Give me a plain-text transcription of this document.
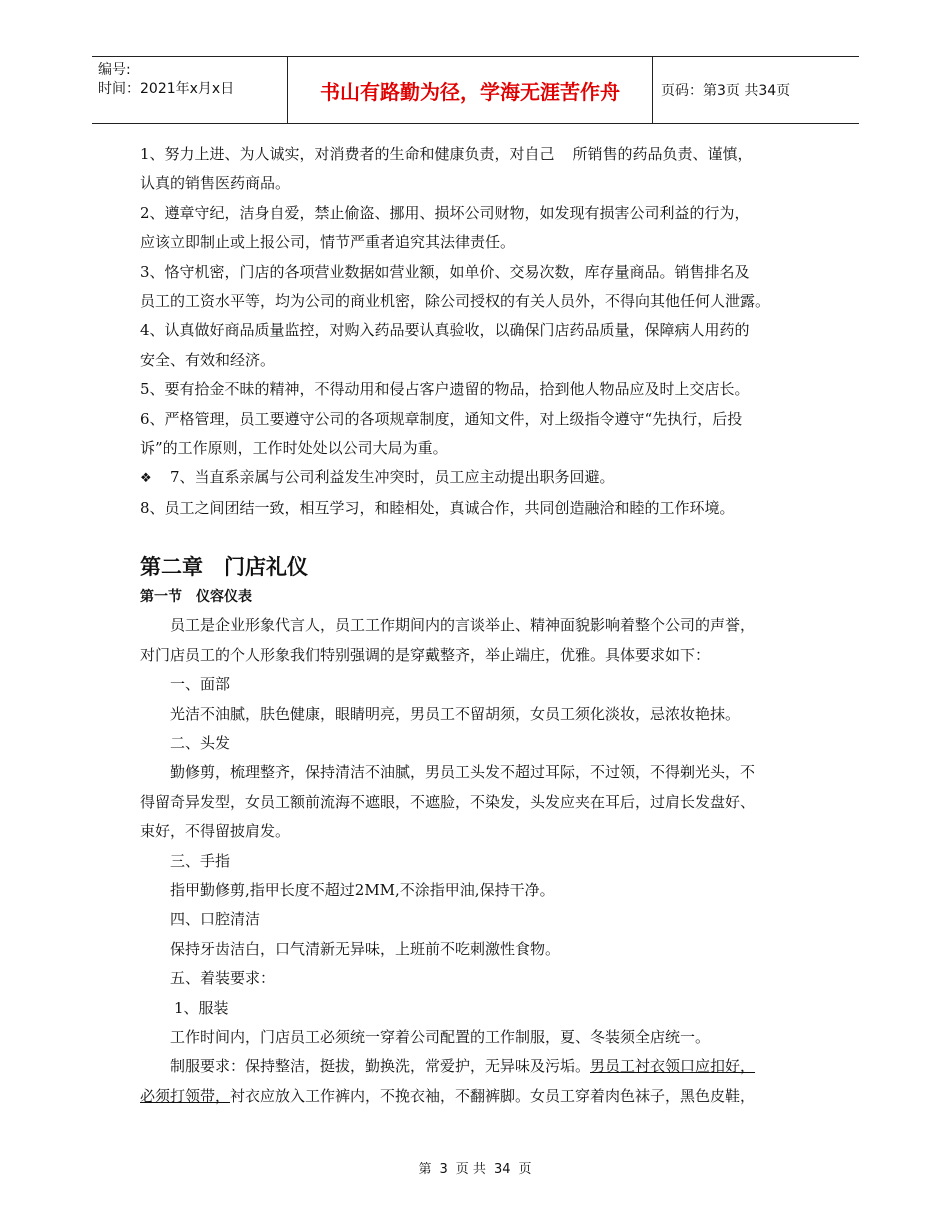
编号:
时间：2021年x月x日	书山有路勤为径，学海无涯苦作舟	页码：第3页 共34页

1、努力上进、为人诚实，对消费者的生命和健康负责，对自己 所销售的药品负责、谨慎，

认真的销售医药商品。

2、遵章守纪，洁身自爱，禁止偷盗、挪用、损坏公司财物，如发现有损害公司利益的行为，

应该立即制止或上报公司，情节严重者追究其法律责任。

3、恪守机密，门店的各项营业数据如营业额，如单价、交易次数，库存量商品。销售排名及

员工的工资水平等，均为公司的商业机密，除公司授权的有关人员外，不得向其他任何人泄露。

4、认真做好商品质量监控，对购入药品要认真验收，以确保门店药品质量，保障病人用药的

安全、有效和经济。

5、要有拾金不昧的精神，不得动用和侵占客户遗留的物品，拾到他人物品应及时上交店长。

6、严格管理，员工要遵守公司的各项规章制度，通知文件，对上级指令遵守“先执行，后投

诉”的工作原则，工作时处处以公司大局为重。

❖ 7、当直系亲属与公司利益发生冲突时，员工应主动提出职务回避。

8、员工之间团结一致，相互学习，和睦相处，真诚合作，共同创造融洽和睦的工作环境。

第二章　门店礼仪
第一节　仪容仪表

员工是企业形象代言人，员工工作期间内的言谈举止、精神面貌影响着整个公司的声誉，

对门店员工的个人形象我们特别强调的是穿戴整齐，举止端庄，优雅。具体要求如下：

一、面部

光洁不油腻，肤色健康，眼睛明亮，男员工不留胡须，女员工须化淡妆，忌浓妆艳抹。

二、头发

勤修剪，梳理整齐，保持清洁不油腻，男员工头发不超过耳际，不过领，不得剃光头，不

得留奇异发型，女员工额前流海不遮眼，不遮脸，不染发，头发应夹在耳后，过肩长发盘好、

束好，不得留披肩发。

三、手指

指甲勤修剪,指甲长度不超过2MM,不涂指甲油,保持干净。

四、口腔清洁

保持牙齿洁白，口气清新无异味，上班前不吃刺激性食物。

五、着装要求：

1、服装

工作时间内，门店员工必须统一穿着公司配置的工作制服，夏、冬装须全店统一。

制服要求：保持整洁，挺拔，勤换洗，常爱护，无异味及污垢。男员工衬衣领口应扣好，

必须打领带，衬衣应放入工作裤内，不挽衣袖，不翻裤脚。女员工穿着肉色袜子，黑色皮鞋，

第 3 页 共 34 页
